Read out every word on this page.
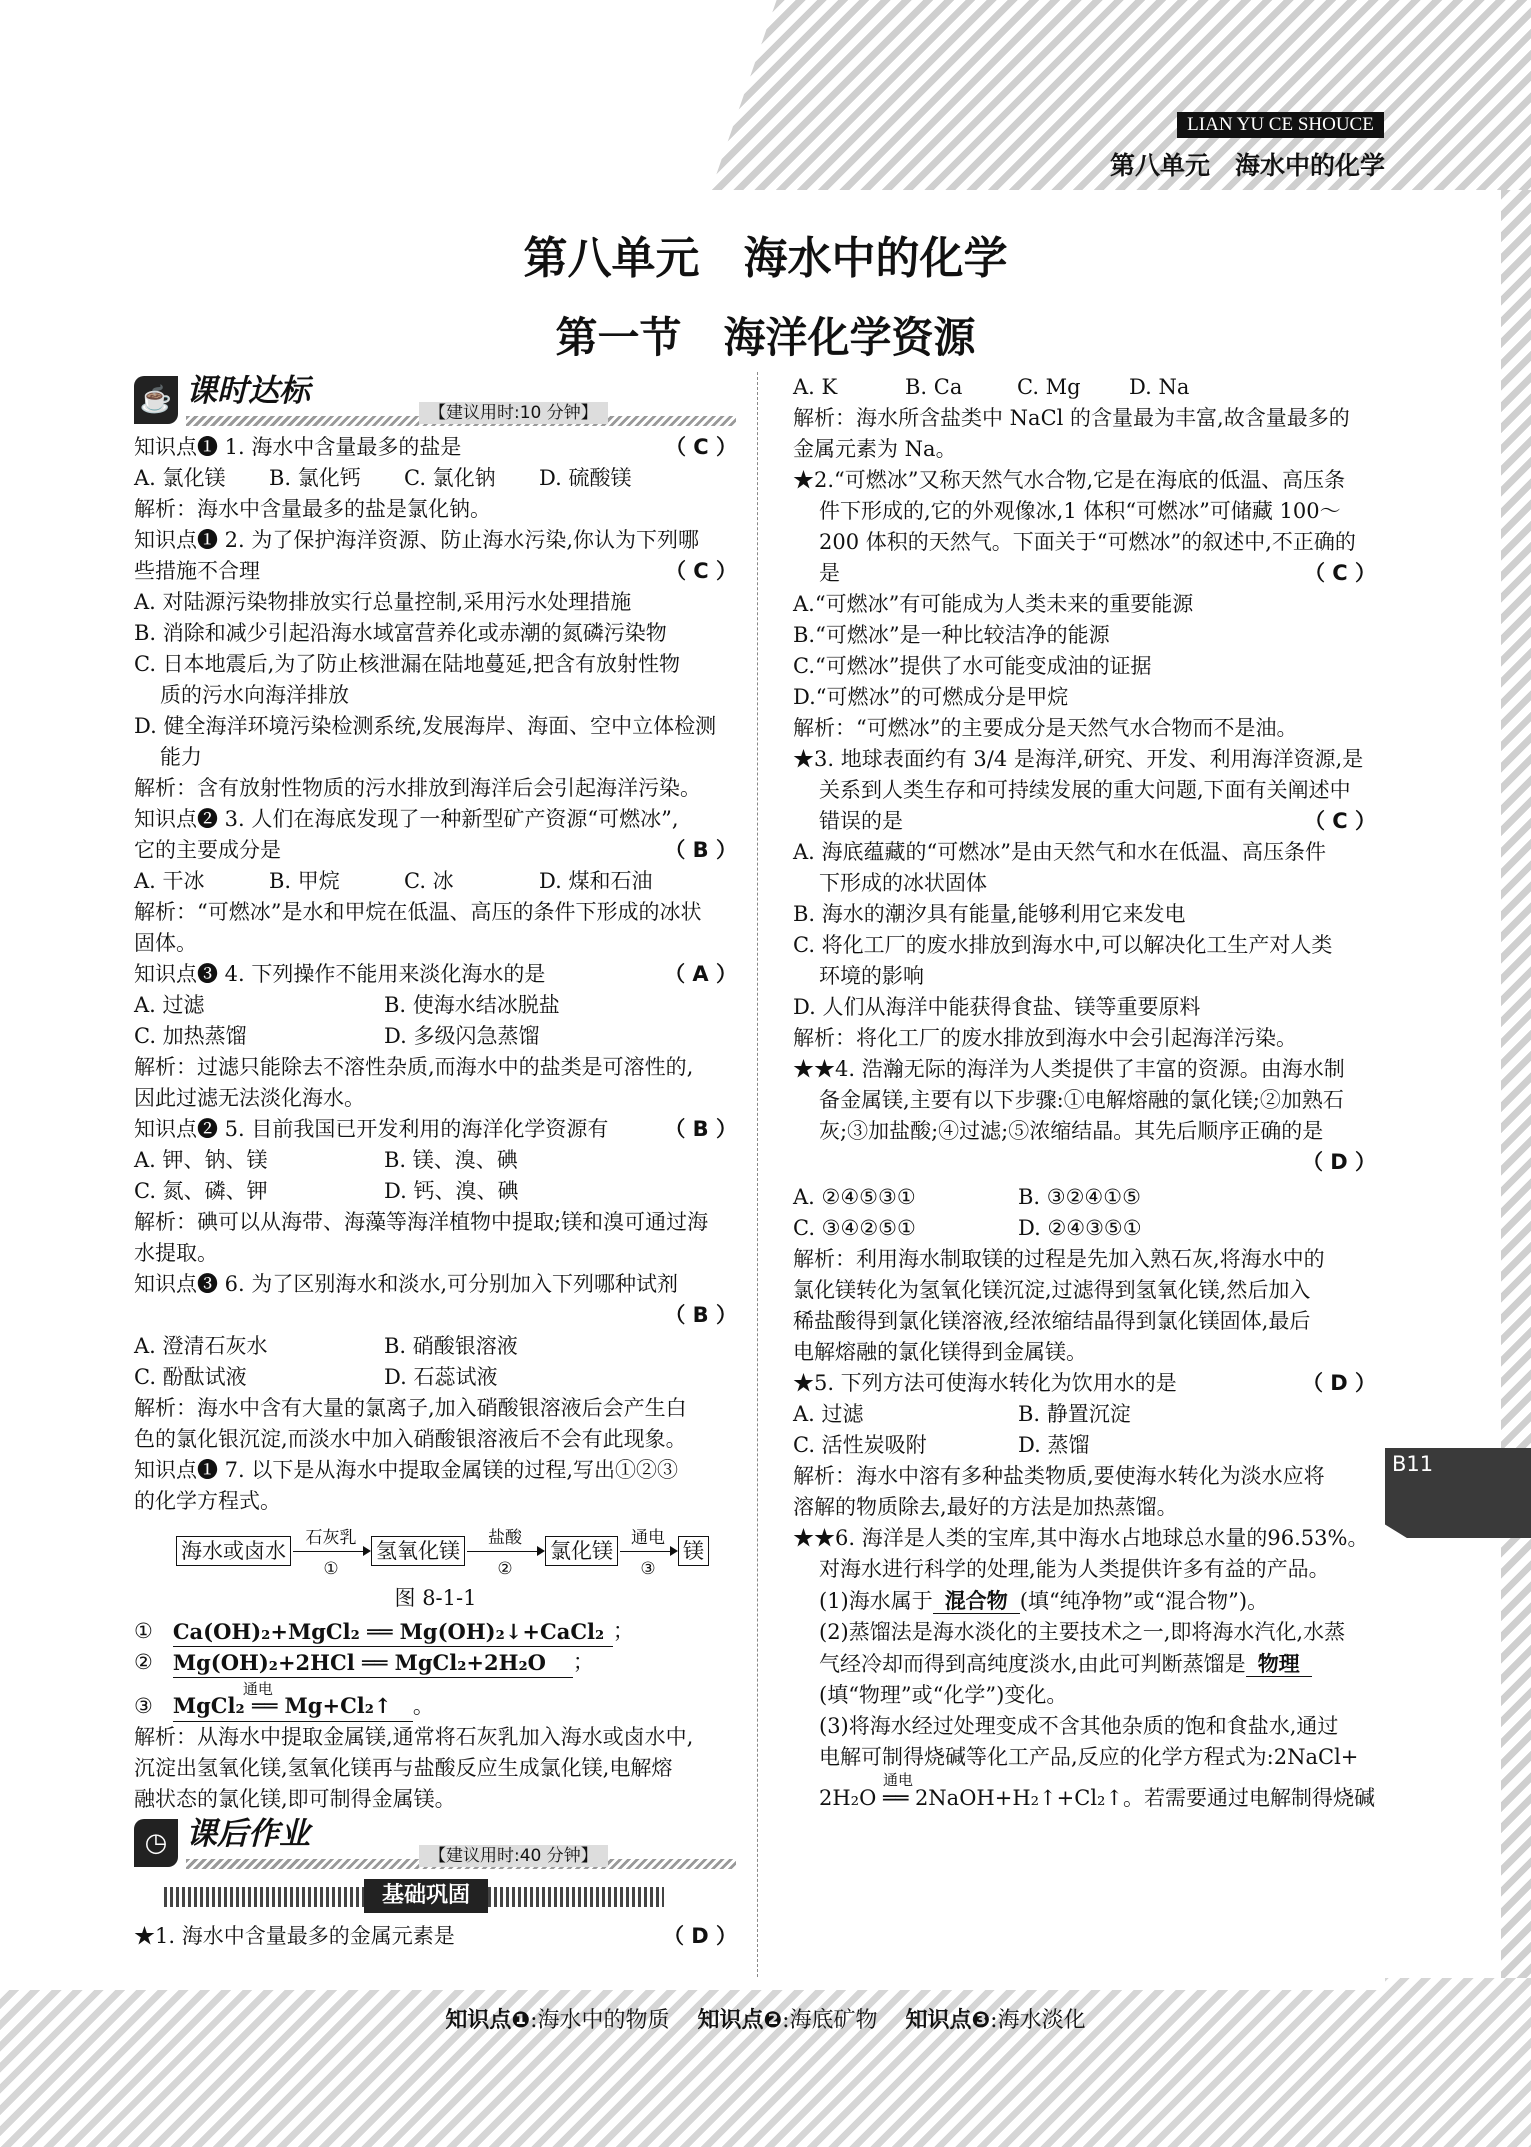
LIAN YU CE SHOUCE
第八单元　海水中的化学
第八单元　海水中的化学
第一节　海洋化学资源
☕ 课时达标
【建议用时:10 分钟】

（ C ）
知识点❶ 1. 海水中含量最多的盐是

A. 氯化镁	B. 氯化钙	C. 氯化钠	D. 硫酸镁

解析：海水中含量最多的盐是氯化钠。

知识点❶ 2. 为了保护海洋资源、防止海水污染,你认为下列哪

（ C ）
些措施不合理

A. 对陆源污染物排放实行总量控制,采用污水处理措施

B. 消除和减少引起沿海水域富营养化或赤潮的氮磷污染物

C. 日本地震后,为了防止核泄漏在陆地蔓延,把含有放射性物

质的污水向海洋排放

D. 健全海洋环境污染检测系统,发展海岸、海面、空中立体检测

能力

解析：含有放射性物质的污水排放到海洋后会引起海洋污染。

知识点❷ 3. 人们在海底发现了一种新型矿产资源“可燃冰”,

（ B ）
它的主要成分是

A. 干冰	B. 甲烷	C. 冰	D. 煤和石油

解析：“可燃冰”是水和甲烷在低温、高压的条件下形成的冰状

固体。

（ A ）
知识点❸ 4. 下列操作不能用来淡化海水的是

A. 过滤	B. 使海水结冰脱盐
C. 加热蒸馏	D. 多级闪急蒸馏

解析：过滤只能除去不溶性杂质,而海水中的盐类是可溶性的,

因此过滤无法淡化海水。

（ B ）
知识点❷ 5. 目前我国已开发利用的海洋化学资源有

A. 钾、钠、镁	B. 镁、溴、碘
C. 氮、磷、钾	D. 钙、溴、碘

解析：碘可以从海带、海藻等海洋植物中提取;镁和溴可通过海

水提取。

知识点❸ 6. 为了区别海水和淡水,可分别加入下列哪种试剂

（ B ）

A. 澄清石灰水	B. 硝酸银溶液
C. 酚酞试液	D. 石蕊试液

解析：海水中含有大量的氯离子,加入硝酸银溶液后会产生白

色的氯化银沉淀,而淡水中加入硝酸银溶液后不会有此现象。

知识点❶ 7. 以下是从海水中提取金属镁的过程,写出①②③

的化学方程式。

海水或卤水
石灰乳
①
氢氧化镁
盐酸
②
氯化镁
通电
③
镁

图 8-1-1

① Ca(OH)₂+MgCl₂ ══ Mg(OH)₂↓+CaCl₂ ；
② Mg(OH)₂+2HCl ══ MgCl₂+2H₂O	；
③
通电
MgCl₂ ══ Mg+Cl₂↑	。

解析：从海水中提取金属镁,通常将石灰乳加入海水或卤水中,

沉淀出氢氧化镁,氢氧化镁再与盐酸反应生成氯化镁,电解熔

融状态的氯化镁,即可制得金属镁。

◷ 课后作业
【建议用时:40 分钟】
基础巩固

（ D ）
★1. 海水中含量最多的金属元素是

A. K	B. Ca	C. Mg	D. Na

解析：海水所含盐类中 NaCl 的含量最为丰富,故含量最多的

金属元素为 Na。

★2.“可燃冰”又称天然气水合物,它是在海底的低温、高压条

件下形成的,它的外观像冰,1 体积“可燃冰”可储藏 100～

200 体积的天然气。下面关于“可燃冰”的叙述中,不正确的

（ C ）
是

A.“可燃冰”有可能成为人类未来的重要能源

B.“可燃冰”是一种比较洁净的能源

C.“可燃冰”提供了水可能变成油的证据

D.“可燃冰”的可燃成分是甲烷

解析：“可燃冰”的主要成分是天然气水合物而不是油。

★3. 地球表面约有 3/4 是海洋,研究、开发、利用海洋资源,是

关系到人类生存和可持续发展的重大问题,下面有关阐述中

（ C ）
错误的是

A. 海底蕴藏的“可燃冰”是由天然气和水在低温、高压条件

下形成的冰状固体

B. 海水的潮汐具有能量,能够利用它来发电

C. 将化工厂的废水排放到海水中,可以解决化工生产对人类

环境的影响

D. 人们从海洋中能获得食盐、镁等重要原料

解析：将化工厂的废水排放到海水中会引起海洋污染。

★★4. 浩瀚无际的海洋为人类提供了丰富的资源。由海水制

备金属镁,主要有以下步骤:①电解熔融的氯化镁;②加熟石

灰;③加盐酸;④过滤;⑤浓缩结晶。其先后顺序正确的是

（ D ）

A. ②④⑤③①	B. ③②④①⑤
C. ③④②⑤①	D. ②④③⑤①

解析：利用海水制取镁的过程是先加入熟石灰,将海水中的

氯化镁转化为氢氧化镁沉淀,过滤得到氢氧化镁,然后加入

稀盐酸得到氯化镁溶液,经浓缩结晶得到氯化镁固体,最后

电解熔融的氯化镁得到金属镁。

（ D ）
★5. 下列方法可使海水转化为饮用水的是

A. 过滤	B. 静置沉淀
C. 活性炭吸附	D. 蒸馏

解析：海水中溶有多种盐类物质,要使海水转化为淡水应将

溶解的物质除去,最好的方法是加热蒸馏。

★★6. 海洋是人类的宝库,其中海水占地球总水量的96.53%。

对海水进行科学的处理,能为人类提供许多有益的产品。

(1)海水属于 混合物 (填“纯净物”或“混合物”)。

(2)蒸馏法是海水淡化的主要技术之一,即将海水汽化,水蒸

气经冷却而得到高纯度淡水,由此可判断蒸馏是 物理

(填“物理”或“化学”)变化。

(3)将海水经过处理变成不含其他杂质的饱和食盐水,通过

电解可制得烧碱等化工产品,反应的化学方程式为:2NaCl+

通电
2H₂O ══ 2NaOH+H₂↑+Cl₂↑。若需要通过电解制得烧碱

B11
知识点❶:海水中的物质 知识点❷:海底矿物 知识点❸:海水淡化
